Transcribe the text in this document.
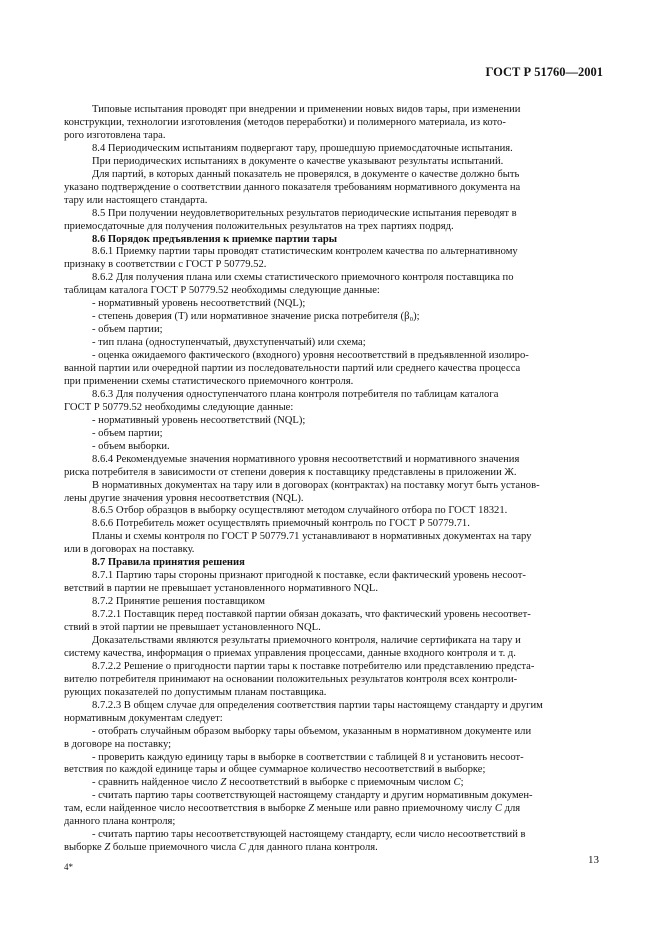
ГОСТ Р 51760—2001
Типовые испытания проводят при внедрении и применении новых видов тары, при изменении
конструкции, технологии изготовления (методов переработки) и полимерного материала, из кото-
рого изготовлена тара.
8.4 Периодическим испытаниям подвергают тару, прошедшую приемосдаточные испытания.
При периодических испытаниях в документе о качестве указывают результаты испытаний.
Для партий, в которых данный показатель не проверялся, в документе о качестве должно быть
указано подтверждение о соответствии данного показателя требованиям нормативного документа на
тару или настоящего стандарта.
8.5 При получении неудовлетворительных результатов периодические испытания переводят в
приемосдаточные для получения положительных результатов на трех партиях подряд.
8.6 Порядок предъявления к приемке партии тары
8.6.1 Приемку партии тары проводят статистическим контролем качества по альтернативному
признаку в соответствии с ГОСТ Р 50779.52.
8.6.2 Для получения плана или схемы статистического приемочного контроля поставщика по
таблицам каталога ГОСТ Р 50779.52 необходимы следующие данные:
- нормативный уровень несоответствий (NQL);
- степень доверия (Т) или нормативное значение риска потребителя (β₀);
- объем партии;
- тип плана (одноступенчатый, двухступенчатый) или схема;
- оценка ожидаемого фактического (входного) уровня несоответствий в предъявленной изолиро-
ванной партии или очередной партии из последовательности партий или среднего качества процесса
при применении схемы статистического приемочного контроля.
8.6.3 Для получения одноступенчатого плана контроля потребителя по таблицам каталога
ГОСТ Р 50779.52 необходимы следующие данные:
- нормативный уровень несоответствий (NQL);
- объем партии;
- объем выборки.
8.6.4 Рекомендуемые значения нормативного уровня несоответствий и нормативного значения
риска потребителя в зависимости от степени доверия к поставщику представлены в приложении Ж.
В нормативных документах на тару или в договорах (контрактах) на поставку могут быть установ-
лены другие значения уровня несоответствия (NQL).
8.6.5 Отбор образцов в выборку осуществляют методом случайного отбора по ГОСТ 18321.
8.6.6 Потребитель может осуществлять приемочный контроль по ГОСТ Р 50779.71.
Планы и схемы контроля по ГОСТ Р 50779.71 устанавливают в нормативных документах на тару
или в договорах на поставку.
8.7 Правила принятия решения
8.7.1 Партию тары стороны признают пригодной к поставке, если фактический уровень несоот-
ветствий в партии не превышает установленного нормативного NQL.
8.7.2 Принятие решения поставщиком
8.7.2.1 Поставщик перед поставкой партии обязан доказать, что фактический уровень несоответ-
ствий в этой партии не превышает установленного NQL.
Доказательствами являются результаты приемочного контроля, наличие сертификата на тару и
систему качества, информация о приемах управления процессами, данные входного контроля и т. д.
8.7.2.2 Решение о пригодности партии тары к поставке потребителю или представлению предста-
вителю потребителя принимают на основании положительных результатов контроля всех контроли-
рующих показателей по допустимым планам поставщика.
8.7.2.3 В общем случае для определения соответствия партии тары настоящему стандарту и другим
нормативным документам следует:
- отобрать случайным образом выборку тары объемом, указанным в нормативном документе или
в договоре на поставку;
- проверить каждую единицу тары в выборке в соответствии с таблицей 8 и установить несоот-
ветствия по каждой единице тары и общее суммарное количество несоответствий в выборке;
- сравнить найденное число Z несоответствий в выборке с приемочным числом C;
- считать партию тары соответствующей настоящему стандарту и другим нормативным докумен-
там, если найденное число несоответствия в выборке Z меньше или равно приемочному числу C для
данного плана контроля;
- считать партию тары несоответствующей настоящему стандарту, если число несоответствий в
выборке Z больше приемочного числа C для данного плана контроля.
4*
13
